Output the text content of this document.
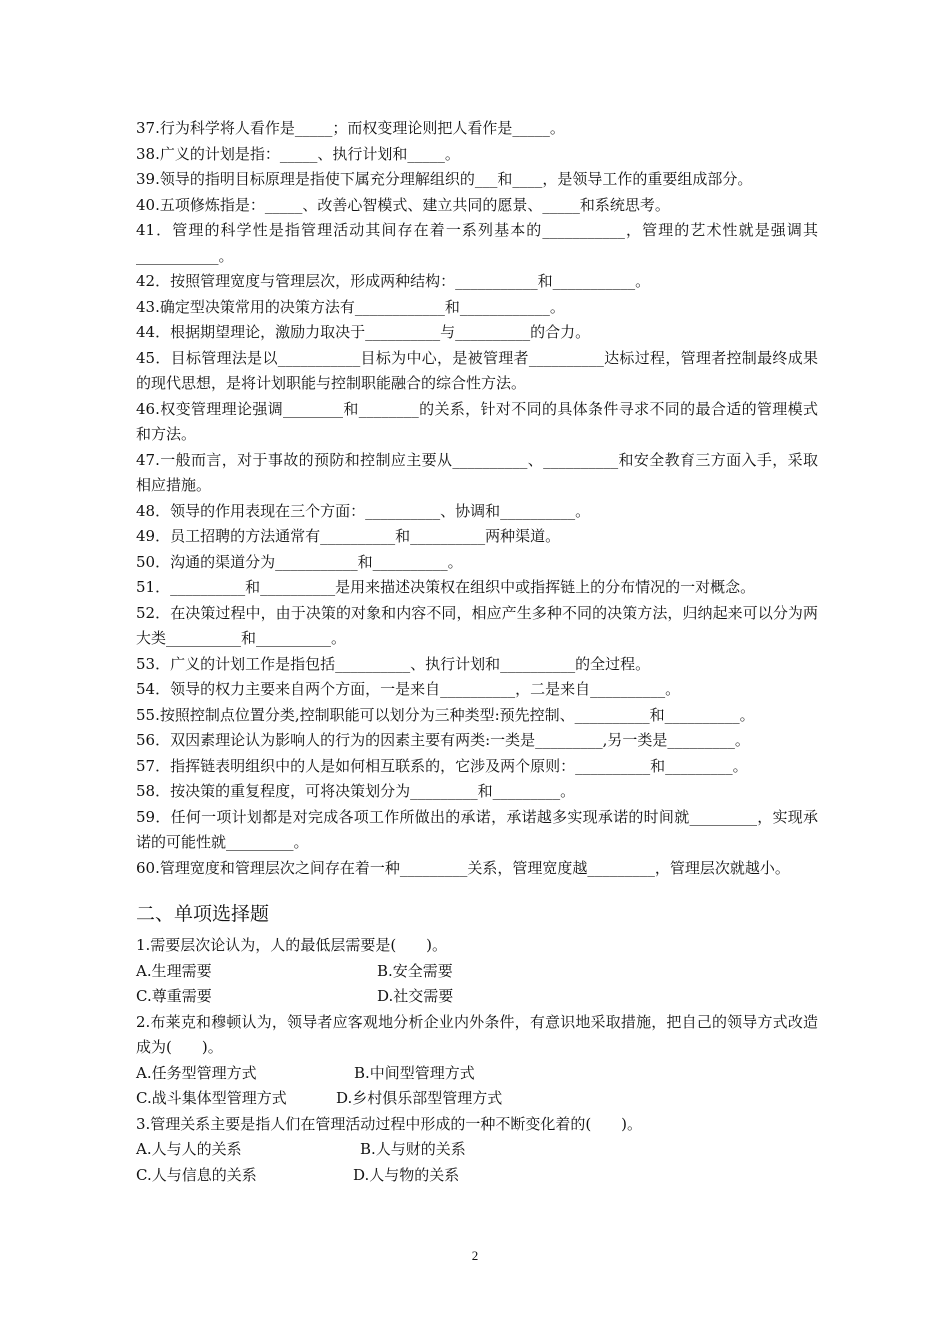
37.行为科学将人看作是_____；而权变理论则把人看作是_____。
38.广义的计划是指：_____、执行计划和_____。
39.领导的指明目标原理是指使下属充分理解组织的___和____，是领导工作的重要组成部分。
40.五项修炼指是：_____、改善心智模式、建立共同的愿景、_____和系统思考。
41．管理的科学性是指管理活动其间存在着一系列基本的___________，管理的艺术性就是强调其___________。
42．按照管理宽度与管理层次，形成两种结构：___________和___________。
43.确定型决策常用的决策方法有____________和____________。
44．根据期望理论，激励力取决于__________与__________的合力。
45．目标管理法是以___________目标为中心，是被管理者__________达标过程，管理者控制最终成果的现代思想，是将计划职能与控制职能融合的综合性方法。
46.权变管理理论强调________和________的关系，针对不同的具体条件寻求不同的最合适的管理模式和方法。
47.一般而言，对于事故的预防和控制应主要从__________、__________和安全教育三方面入手，采取相应措施。
48．领导的作用表现在三个方面：__________、协调和__________。
49．员工招聘的方法通常有__________和__________两种渠道。
50．沟通的渠道分为___________和__________。
51．__________和__________是用来描述决策权在组织中或指挥链上的分布情况的一对概念。
52．在决策过程中，由于决策的对象和内容不同，相应产生多种不同的决策方法，归纳起来可以分为两大类__________和__________。
53．广义的计划工作是指包括__________、执行计划和__________的全过程。
54．领导的权力主要来自两个方面，一是来自__________，二是来自__________。
55.按照控制点位置分类,控制职能可以划分为三种类型:预先控制、__________和__________。
56．双因素理论认为影响人的行为的因素主要有两类:一类是_________,另一类是_________。
57．指挥链表明组织中的人是如何相互联系的，它涉及两个原则：__________和_________。
58．按决策的重复程度，可将决策划分为_________和_________。
59．任何一项计划都是对完成各项工作所做出的承诺，承诺越多实现承诺的时间就_________，实现承诺的可能性就_________。
60.管理宽度和管理层次之间存在着一种_________关系，管理宽度越_________，管理层次就越小。
二、单项选择题
1.需要层次论认为，人的最低层需要是(　　)。
A.生理需要	B.安全需要
C.尊重需要	D.社交需要
2.布莱克和穆顿认为，领导者应客观地分析企业内外条件，有意识地采取措施，把自己的领导方式改造成为(　　)。
A.任务型管理方式	B.中间型管理方式
C.战斗集体型管理方式	D.乡村俱乐部型管理方式
3.管理关系主要是指人们在管理活动过程中形成的一种不断变化着的(　　)。
A.人与人的关系	B.人与财的关系
C.人与信息的关系	D.人与物的关系
2
